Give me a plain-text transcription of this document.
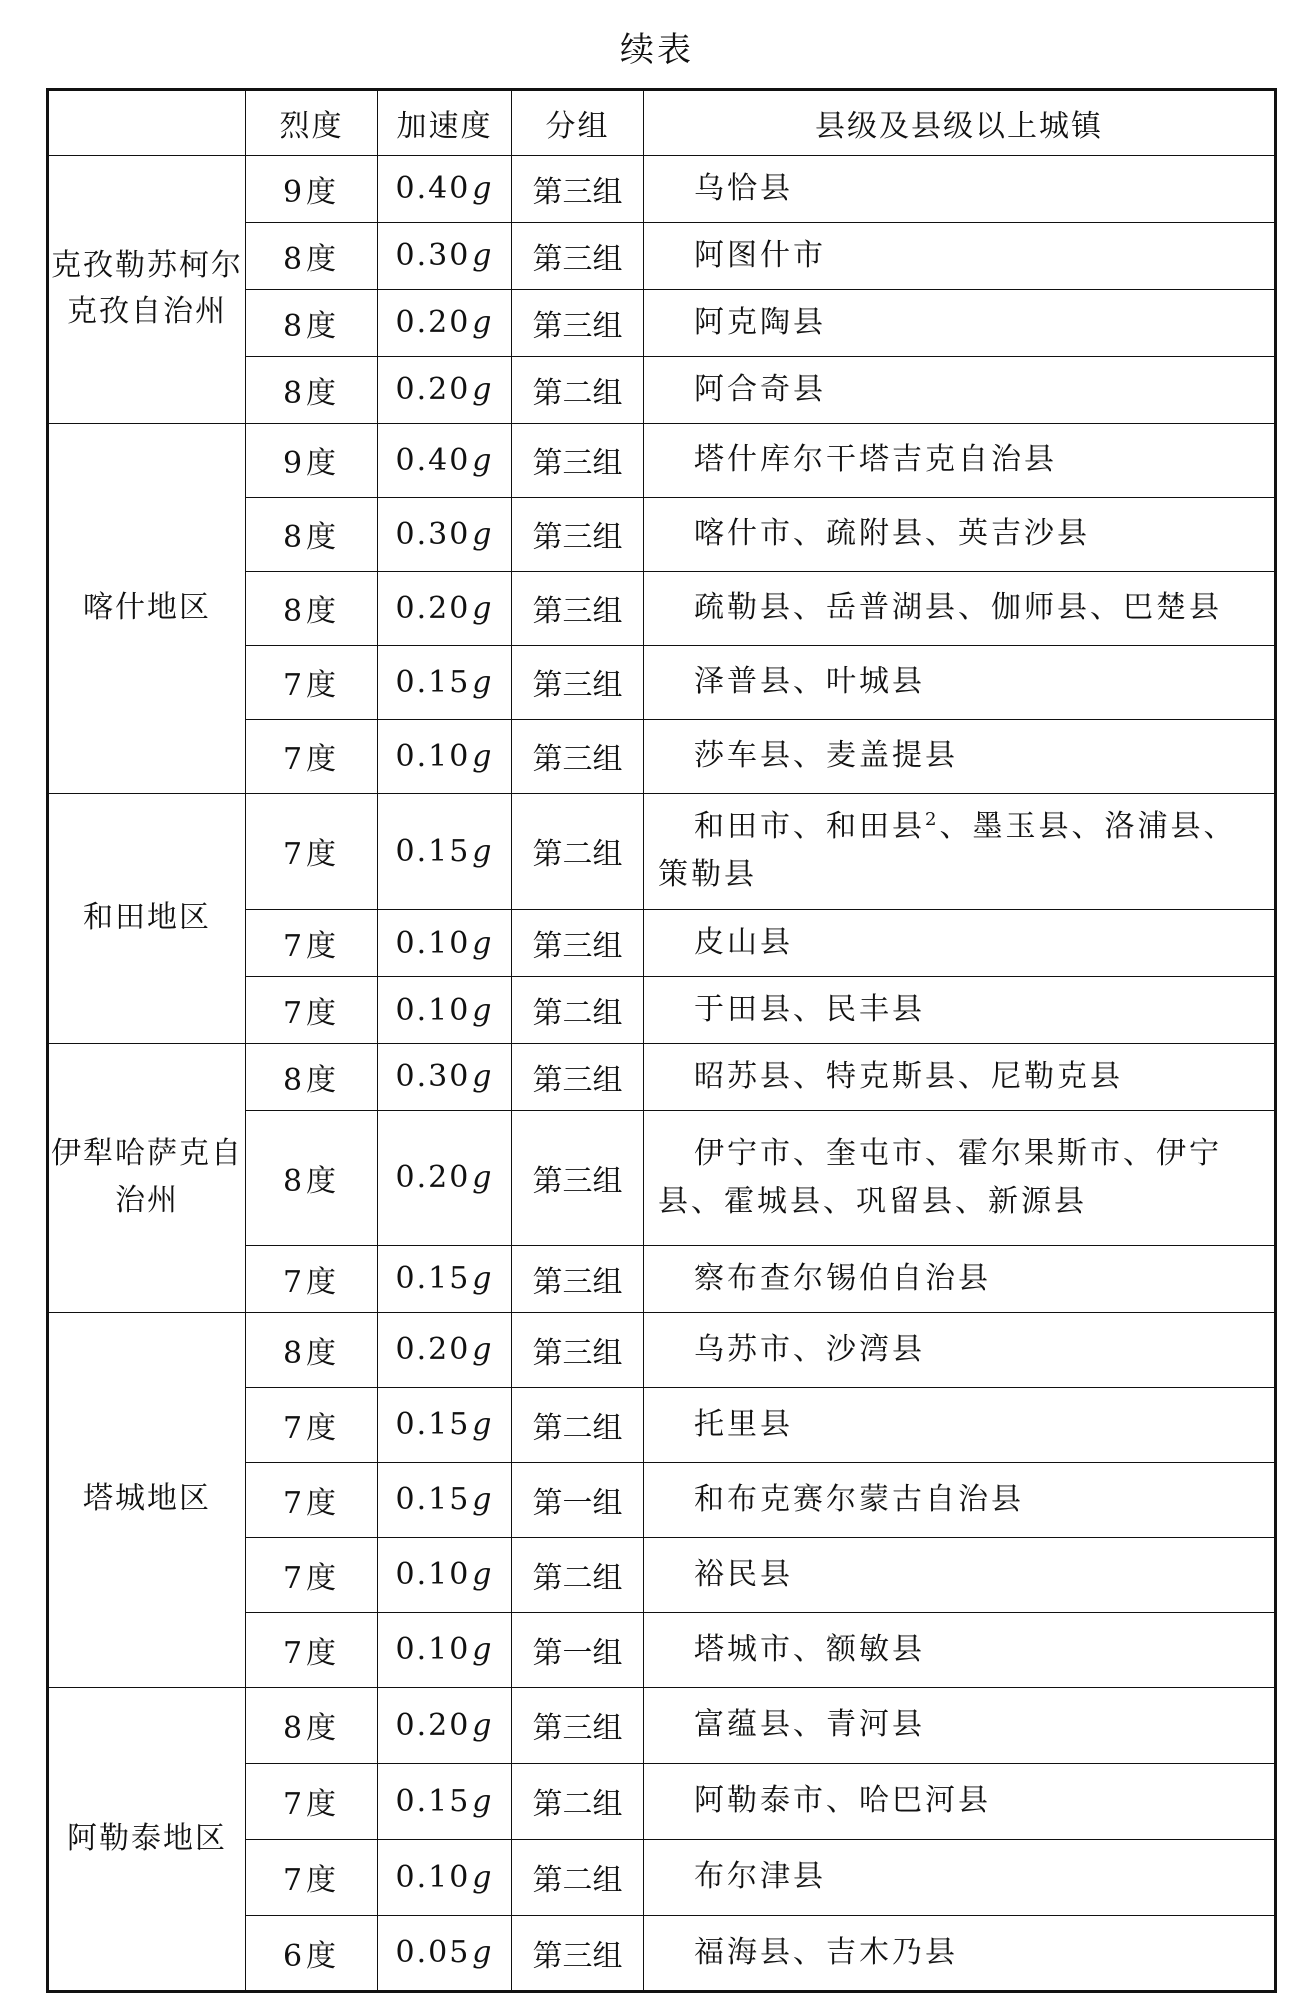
续表
	烈度	加速度	分组	县级及县级以上城镇
克孜勒苏柯尔克孜自治州	9度	0.40g	第三组	乌恰县
	8度	0.30g	第三组	阿图什市
	8度	0.20g	第三组	阿克陶县
	8度	0.20g	第二组	阿合奇县
喀什地区	9度	0.40g	第三组	塔什库尔干塔吉克自治县
	8度	0.30g	第三组	喀什市、疏附县、英吉沙县
	8度	0.20g	第三组	疏勒县、岳普湖县、伽师县、巴楚县
	7度	0.15g	第三组	泽普县、叶城县
	7度	0.10g	第三组	莎车县、麦盖提县
和田地区	7度	0.15g	第二组	和田市、和田县$^2$、墨玉县、洛浦县、策勒县
	7度	0.10g	第三组	皮山县
	7度	0.10g	第二组	于田县、民丰县
伊犁哈萨克自治州	8度	0.30g	第三组	昭苏县、特克斯县、尼勒克县
	8度	0.20g	第三组	伊宁市、奎屯市、霍尔果斯市、伊宁县、霍城县、巩留县、新源县
	7度	0.15g	第三组	察布查尔锡伯自治县
塔城地区	8度	0.20g	第三组	乌苏市、沙湾县
	7度	0.15g	第二组	托里县
	7度	0.15g	第一组	和布克赛尔蒙古自治县
	7度	0.10g	第二组	裕民县
	7度	0.10g	第一组	塔城市、额敏县
阿勒泰地区	8度	0.20g	第三组	富蕴县、青河县
	7度	0.15g	第二组	阿勒泰市、哈巴河县
	7度	0.10g	第二组	布尔津县
	6度	0.05g	第三组	福海县、吉木乃县
